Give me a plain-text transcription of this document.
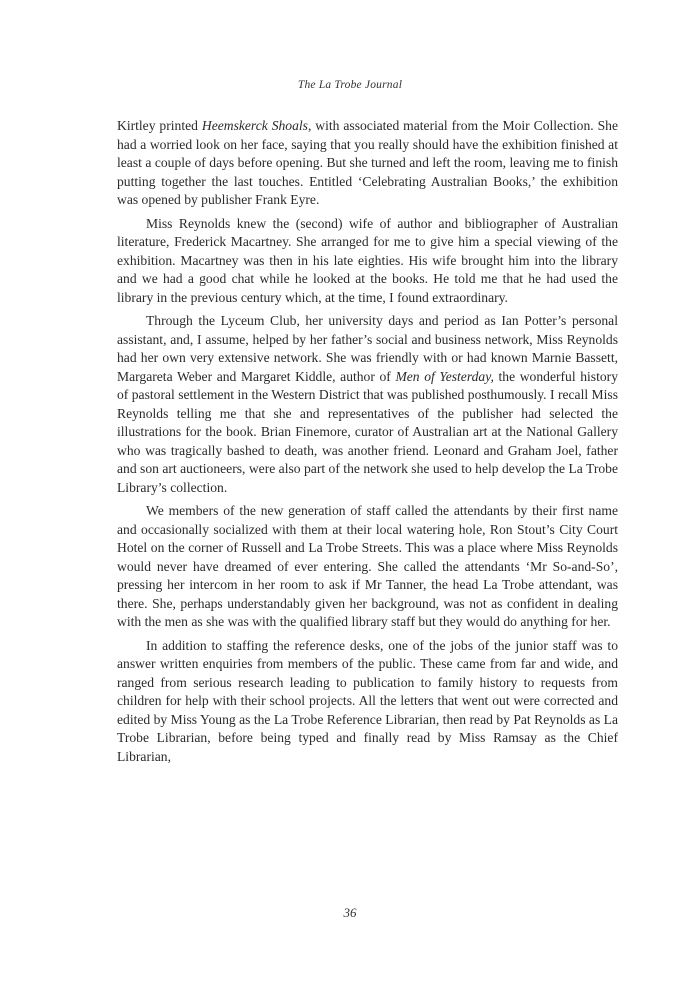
The La Trobe Journal

Kirtley printed Heemskerck Shoals, with associated material from the Moir Collection. She had a worried look on her face, saying that you really should have the exhibition finished at least a couple of days before opening. But she turned and left the room, leaving me to finish putting together the last touches. Entitled ‘Celebrating Australian Books,’ the exhibition was opened by publisher Frank Eyre.

Miss Reynolds knew the (second) wife of author and bibliographer of Australian literature, Frederick Macartney. She arranged for me to give him a special viewing of the exhibition. Macartney was then in his late eighties. His wife brought him into the library and we had a good chat while he looked at the books. He told me that he had used the library in the previous century which, at the time, I found extraordinary.

Through the Lyceum Club, her university days and period as Ian Potter’s personal assistant, and, I assume, helped by her father’s social and business network, Miss Reynolds had her own very extensive network. She was friendly with or had known Marnie Bassett, Margareta Weber and Margaret Kiddle, author of Men of Yesterday, the wonderful history of pastoral settlement in the Western District that was published posthumously. I recall Miss Reynolds telling me that she and representatives of the publisher had selected the illustrations for the book. Brian Finemore, curator of Australian art at the National Gallery who was tragically bashed to death, was another friend. Leonard and Graham Joel, father and son art auctioneers, were also part of the network she used to help develop the La Trobe Library’s collection.

We members of the new generation of staff called the attendants by their first name and occasionally socialized with them at their local watering hole, Ron Stout’s City Court Hotel on the corner of Russell and La Trobe Streets. This was a place where Miss Reynolds would never have dreamed of ever entering. She called the attendants ‘Mr So-and-So’, pressing her intercom in her room to ask if Mr Tanner, the head La Trobe attendant, was there. She, perhaps understandably given her background, was not as confident in dealing with the men as she was with the qualified library staff but they would do anything for her.

In addition to staffing the reference desks, one of the jobs of the junior staff was to answer written enquiries from members of the public. These came from far and wide, and ranged from serious research leading to publication to family history to requests from children for help with their school projects. All the letters that went out were corrected and edited by Miss Young as the La Trobe Reference Librarian, then read by Pat Reynolds as La Trobe Librarian, before being typed and finally read by Miss Ramsay as the Chief Librarian,

36
